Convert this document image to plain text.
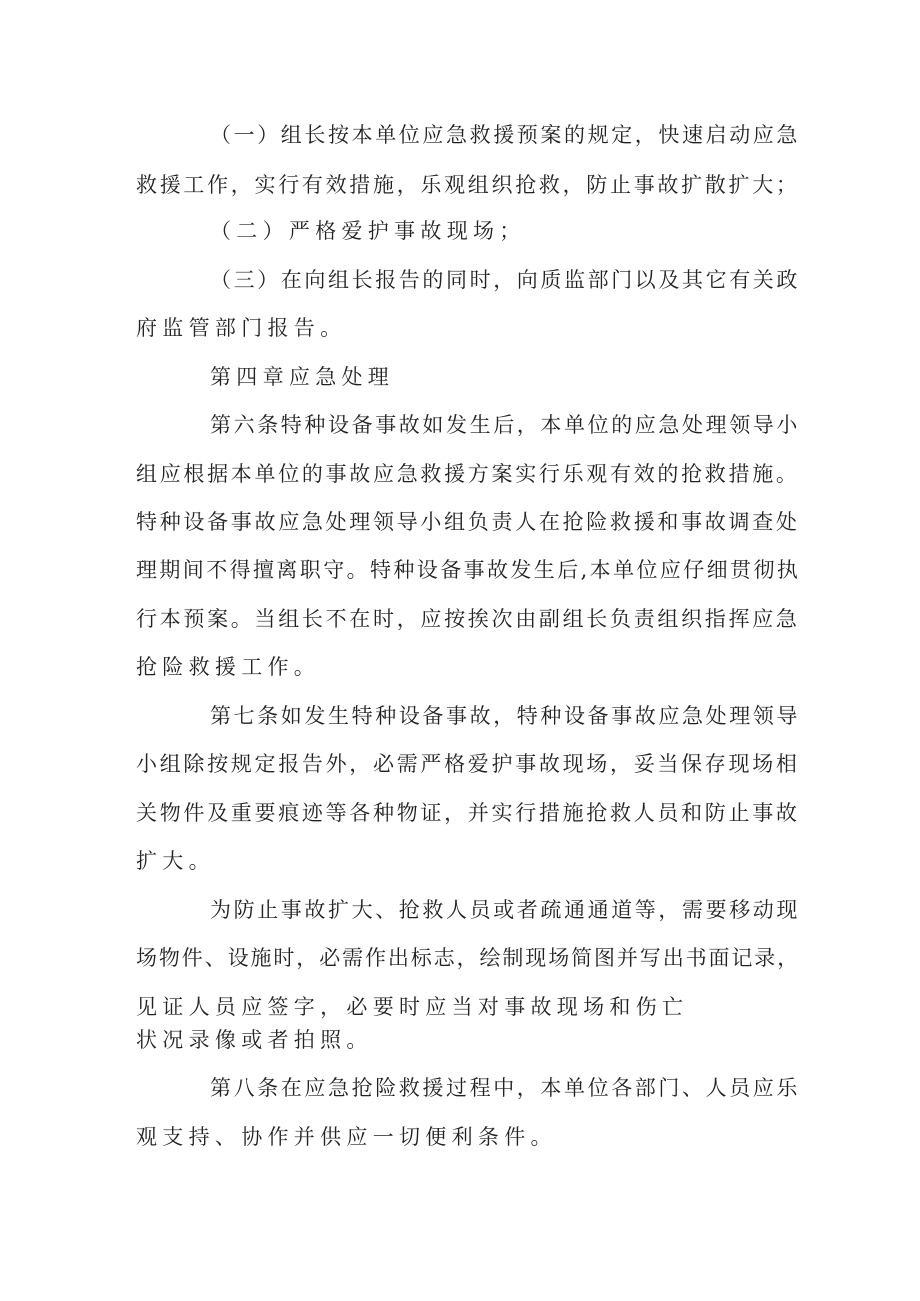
（一）组长按本单位应急救援预案的规定，快速启动应急

救援工作，实行有效措施，乐观组织抢救，防止事故扩散扩大；

（二）严格爱护事故现场；

（三）在向组长报告的同时，向质监部门以及其它有关政

府监管部门报告。

第四章应急处理

第六条特种设备事故如发生后，本单位的应急处理领导小

组应根据本单位的事故应急救援方案实行乐观有效的抢救措施。

特种设备事故应急处理领导小组负责人在抢险救援和事故调查处

理期间不得擅离职守。特种设备事故发生后,本单位应仔细贯彻执

行本预案。当组长不在时，应按挨次由副组长负责组织指挥应急

抢险救援工作。

第七条如发生特种设备事故，特种设备事故应急处理领导

小组除按规定报告外，必需严格爱护事故现场，妥当保存现场相

关物件及重要痕迹等各种物证，并实行措施抢救人员和防止事故

扩大。

为防止事故扩大、抢救人员或者疏通通道等，需要移动现

场物件、设施时，必需作出标志，绘制现场简图并写出书面记录，

见证人员应签字，必要时应当对事故现场和伤亡

状况录像或者拍照。

第八条在应急抢险救援过程中，本单位各部门、人员应乐

观支持、协作并供应一切便利条件。
